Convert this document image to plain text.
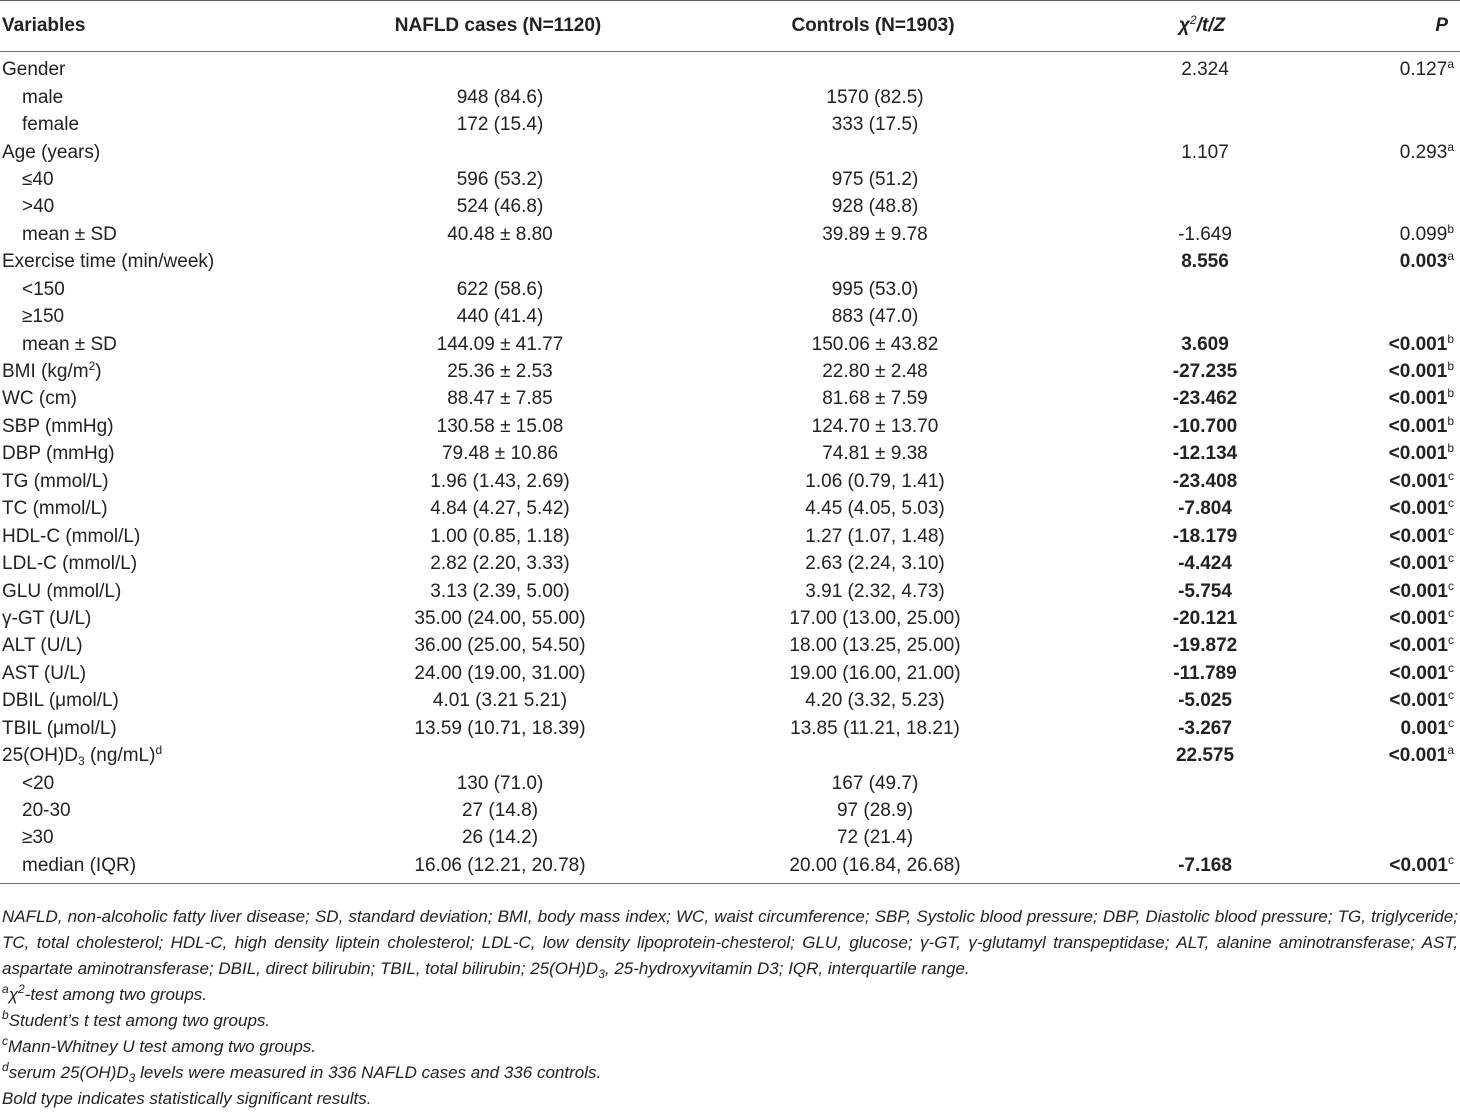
Variables	NAFLD cases (N=1120)	Controls (N=1903)	$\chi^2/t/Z$	P
Gender			2.324	0.127$^a$
male	948 (84.6)	1570 (82.5)		
female	172 (15.4)	333 (17.5)		
Age (years)			1.107	0.293$^a$
≤40	596 (53.2)	975 (51.2)		
>40	524 (46.8)	928 (48.8)		
mean ± SD	40.48 ± 8.80	39.89 ± 9.78	-1.649	0.099$^b$
Exercise time (min/week)			8.556	0.003$^a$
<150	622 (58.6)	995 (53.0)		
≥150	440 (41.4)	883 (47.0)		
mean ± SD	144.09 ± 41.77	150.06 ± 43.82	3.609	<0.001$^b$
BMI $(kg/m^2)$	25.36 ± 2.53	22.80 ± 2.48	-27.235	<0.001$^b$
WC (cm)	88.47 ± 7.85	81.68 ± 7.59	-23.462	<0.001$^b$
SBP (mmHg)	130.58 ± 15.08	124.70 ± 13.70	-10.700	<0.001$^b$
DBP (mmHg)	79.48 ± 10.86	74.81 ± 9.38	-12.134	<0.001$^b$
TG (mmol/L)	1.96 (1.43, 2.69)	1.06 (0.79, 1.41)	-23.408	<0.001$^c$
TC (mmol/L)	4.84 (4.27, 5.42)	4.45 (4.05, 5.03)	-7.804	<0.001$^c$
HDL-C (mmol/L)	1.00 (0.85, 1.18)	1.27 (1.07, 1.48)	-18.179	<0.001$^c$
LDL-C (mmol/L)	2.82 (2.20, 3.33)	2.63 (2.24, 3.10)	-4.424	<0.001$^c$
GLU (mmol/L)	3.13 (2.39, 5.00)	3.91 (2.32, 4.73)	-5.754	<0.001$^c$
γ-GT (U/L)	35.00 (24.00, 55.00)	17.00 (13.00, 25.00)	-20.121	<0.001$^c$
ALT (U/L)	36.00 (25.00, 54.50)	18.00 (13.25, 25.00)	-19.872	<0.001$^c$
AST (U/L)	24.00 (19.00, 31.00)	19.00 (16.00, 21.00)	-11.789	<0.001$^c$
DBIL (μmol/L)	4.01 (3.21 5.21)	4.20 (3.32, 5.23)	-5.025	<0.001$^c$
TBIL (μmol/L)	13.59 (10.71, 18.39)	13.85 (11.21, 18.21)	-3.267	0.001$^c$
$25(OH)D_3$ $(ng/mL)^d$			22.575	<0.001$^a$
<20	130 (71.0)	167 (49.7)		
20-30	27 (14.8)	97 (28.9)		
≥30	26 (14.2)	72 (21.4)		
median (IQR)	16.06 (12.21, 20.78)	20.00 (16.84, 26.68)	-7.168	<0.001$^c$

NAFLD, non-alcoholic fatty liver disease; SD, standard deviation; BMI, body mass index; WC, waist circumference; SBP, Systolic blood pressure; DBP, Diastolic blood pressure; TG, triglyceride; TC, total cholesterol; HDL-C, high density liptein cholesterol; LDL-C, low density lipoprotein-chesterol; GLU, glucose; γ-GT, γ-glutamyl transpeptidase; ALT, alanine aminotransferase; AST, aspartate aminotransferase; DBIL, direct bilirubin; TBIL, total bilirubin; $25(OH)D_3$, 25-hydroxyvitamin D3; IQR, interquartile range.

$^a\chi^2$-test among two groups.

$^b$Student’s t test among two groups.

$^c$Mann-Whitney U test among two groups.

$^d$serum $25(OH)D_3$ levels were measured in 336 NAFLD cases and 336 controls.

Bold type indicates statistically significant results.
